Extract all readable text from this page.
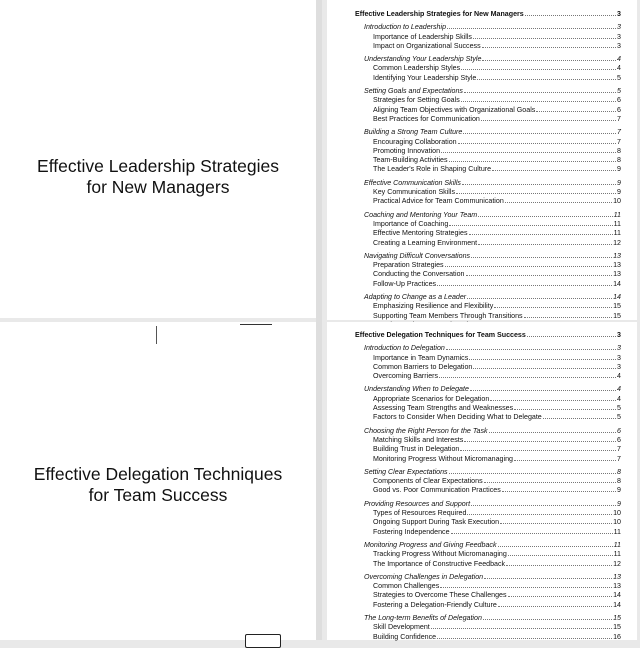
Effective Leadership Strategies
for New Managers
Effective Delegation Techniques
for Team Success
Effective Leadership Strategies for New Managers	3
Introduction to Leadership	3
Importance of Leadership Skills	3
Impact on Organizational Success	3
Understanding Your Leadership Style	4
Common Leadership Styles	4
Identifying Your Leadership Style	5
Setting Goals and Expectations	5
Strategies for Setting Goals	6
Aligning Team Objectives with Organizational Goals	6
Best Practices for Communication	7
Building a Strong Team Culture	7
Encouraging Collaboration	7
Promoting Innovation	8
Team-Building Activities	8
The Leader's Role in Shaping Culture	9
Effective Communication Skills	9
Key Communication Skills	9
Practical Advice for Team Communication	10
Coaching and Mentoring Your Team	11
Importance of Coaching	11
Effective Mentoring Strategies	11
Creating a Learning Environment	12
Navigating Difficult Conversations	13
Preparation Strategies	13
Conducting the Conversation	13
Follow-Up Practices	14
Adapting to Change as a Leader	14
Emphasizing Resilience and Flexibility	15
Supporting Team Members Through Transitions	15
Effective Delegation Techniques for Team Success	3
Introduction to Delegation	3
Importance in Team Dynamics	3
Common Barriers to Delegation	3
Overcoming Barriers	4
Understanding When to Delegate	4
Appropriate Scenarios for Delegation	4
Assessing Team Strengths and Weaknesses	5
Factors to Consider When Deciding What to Delegate	5
Choosing the Right Person for the Task	6
Matching Skills and Interests	6
Building Trust in Delegation	7
Monitoring Progress Without Micromanaging	7
Setting Clear Expectations	8
Components of Clear Expectations	8
Good vs. Poor Communication Practices	9
Providing Resources and Support	9
Types of Resources Required	10
Ongoing Support During Task Execution	10
Fostering Independence	11
Monitoring Progress and Giving Feedback	11
Tracking Progress Without Micromanaging	11
The Importance of Constructive Feedback	12
Overcoming Challenges in Delegation	13
Common Challenges	13
Strategies to Overcome These Challenges	14
Fostering a Delegation-Friendly Culture	14
The Long-term Benefits of Delegation	15
Skill Development	15
Building Confidence	16
